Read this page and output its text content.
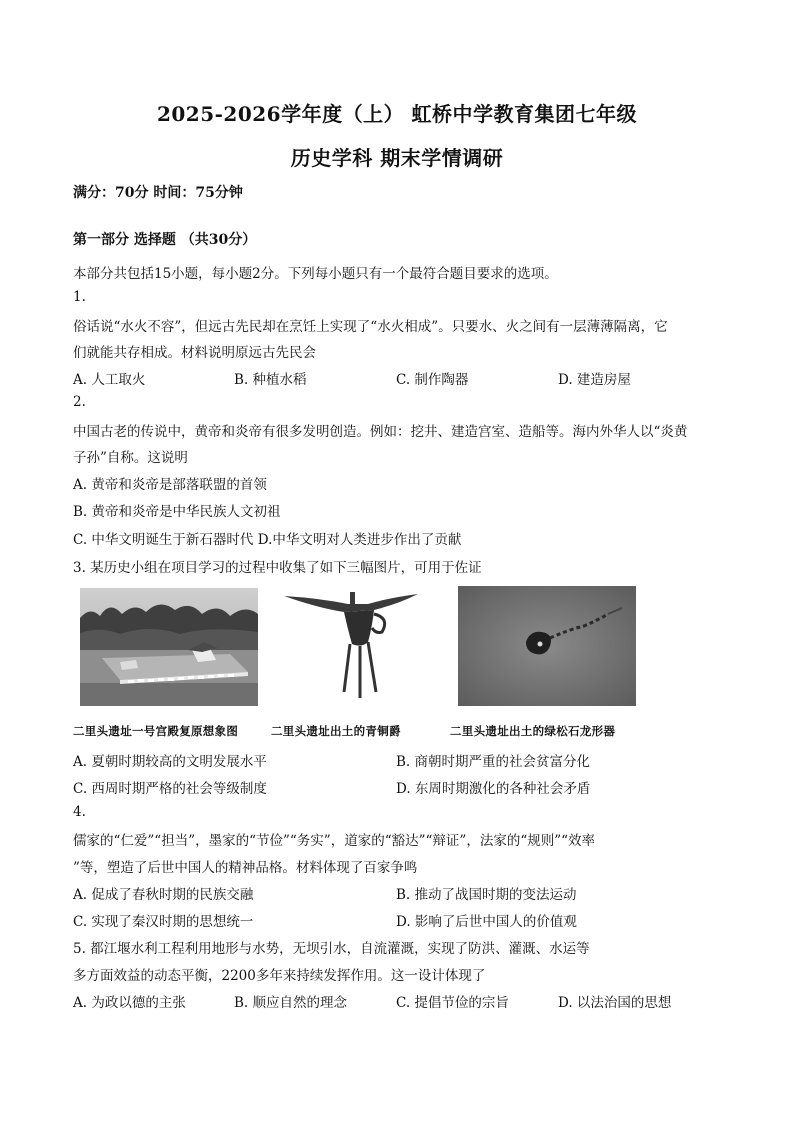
2025-2026学年度（上） 虹桥中学教育集团七年级
历史学科 期末学情调研
满分：70分 时间：75分钟
第一部分 选择题 （共30分）
本部分共包括15小题，每小题2分。下列每小题只有一个最符合题目要求的选项。
1.
俗话说“水火不容”，但远古先民却在烹饪上实现了“水火相成”。只要水、火之间有一层薄薄隔离，它
们就能共存相成。材料说明原远古先民会
A. 人工取火	B. 种植水稻	C. 制作陶器	D. 建造房屋
2.
中国古老的传说中，黄帝和炎帝有很多发明创造。例如：挖井、建造宫室、造船等。海内外华人以“炎黄
子孙”自称。这说明
A. 黄帝和炎帝是部落联盟的首领
B. 黄帝和炎帝是中华民族人文初祖
C. 中华文明诞生于新石器时代 D.中华文明对人类进步作出了贡献
3. 某历史小组在项目学习的过程中收集了如下三幅图片，可用于佐证
二里头遗址一号宫殿复原想象图	二里头遗址出土的青铜爵	二里头遗址出土的绿松石龙形器
A. 夏朝时期较高的文明发展水平	B. 商朝时期严重的社会贫富分化
C. 西周时期严格的社会等级制度	D. 东周时期激化的各种社会矛盾
4.
儒家的“仁爱”“担当”，墨家的“节俭”“务实”，道家的“豁达”“辩证”，法家的“规则”“效率
”等，塑造了后世中国人的精神品格。材料体现了百家争鸣
A. 促成了春秋时期的民族交融	B. 推动了战国时期的变法运动
C. 实现了秦汉时期的思想统一	D. 影响了后世中国人的价值观
5. 都江堰水利工程利用地形与水势，无坝引水，自流灌溉，实现了防洪、灌溉、水运等
多方面效益的动态平衡，2200多年来持续发挥作用。这一设计体现了
A. 为政以德的主张	B. 顺应自然的理念	C. 提倡节俭的宗旨	D. 以法治国的思想
